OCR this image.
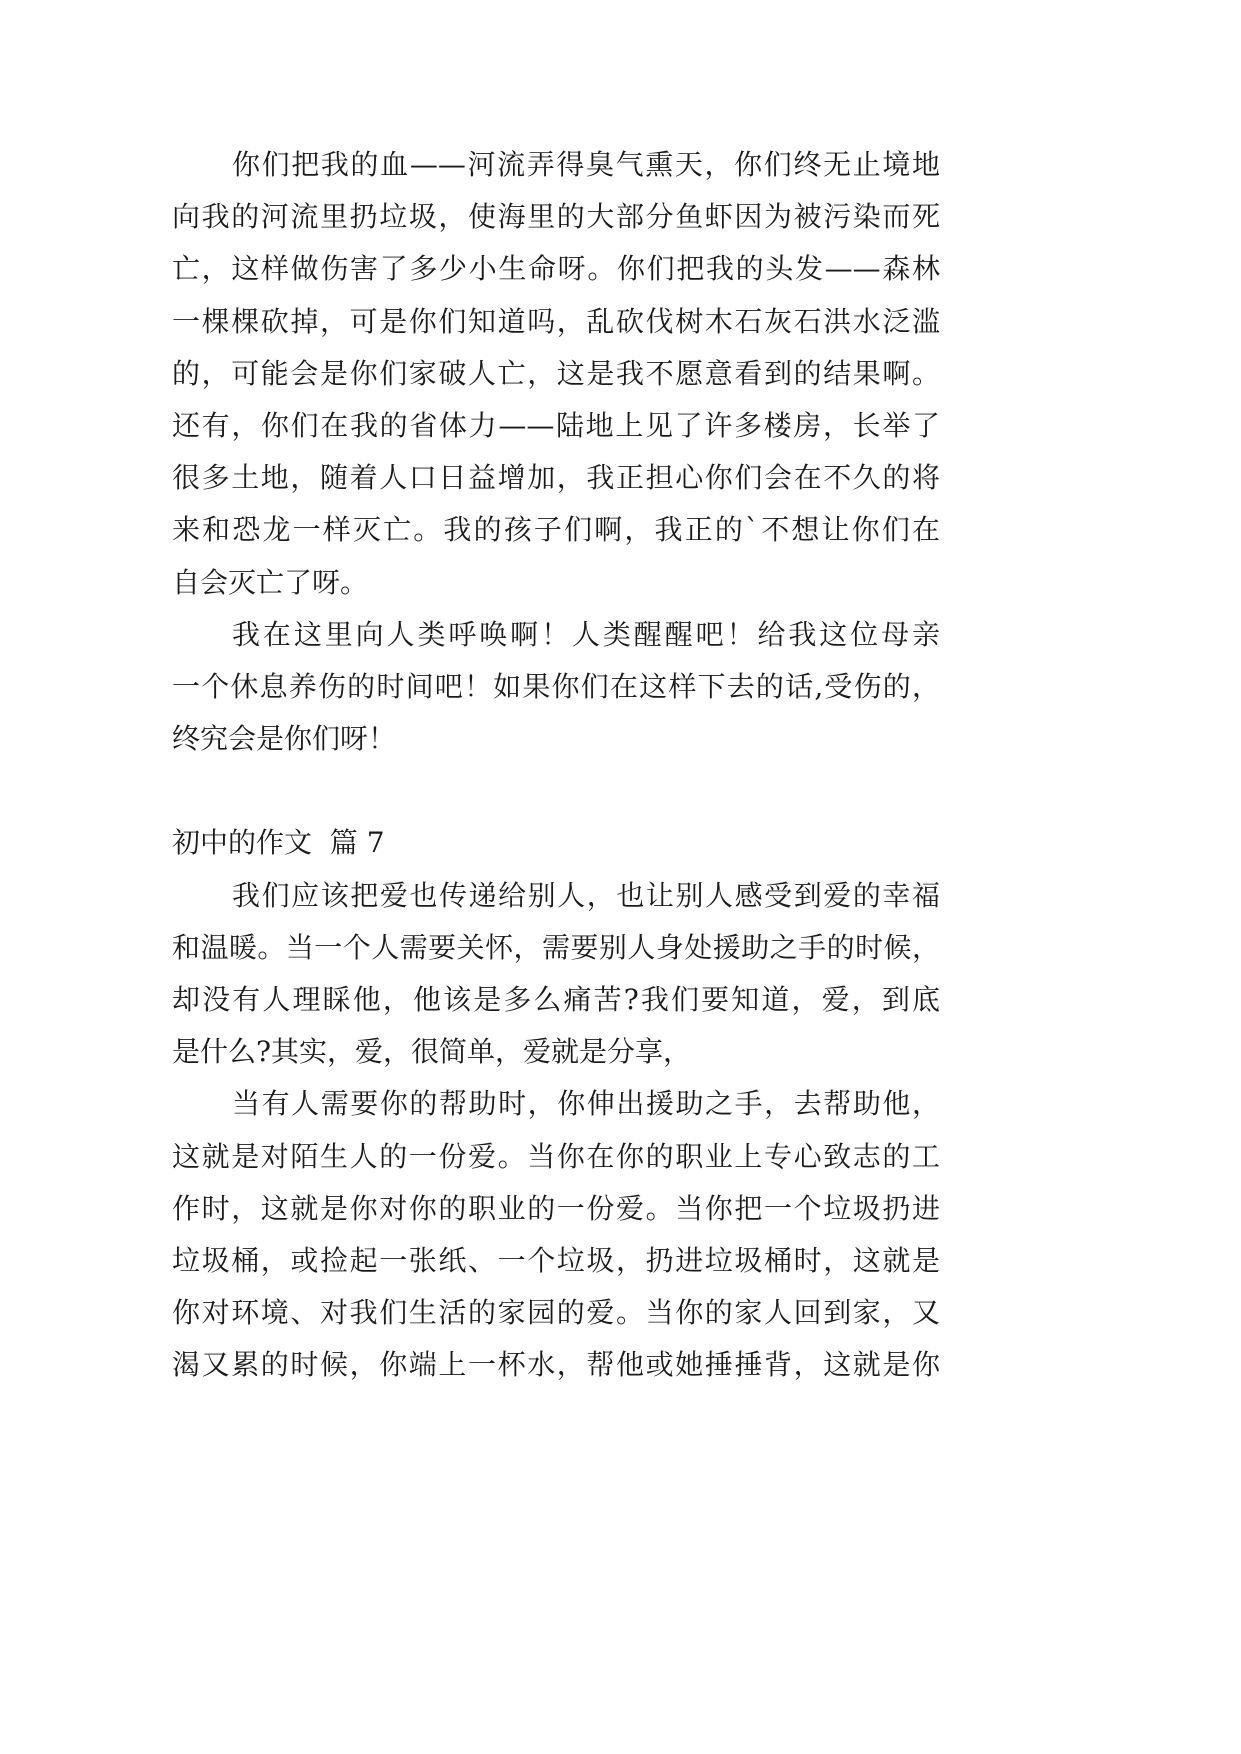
你们把我的血——河流弄得臭气熏天，你们终无止境地
向我的河流里扔垃圾，使海里的大部分鱼虾因为被污染而死
亡，这样做伤害了多少小生命呀。你们把我的头发——森林
一棵棵砍掉，可是你们知道吗，乱砍伐树木石灰石洪水泛滥
的，可能会是你们家破人亡，这是我不愿意看到的结果啊。
还有，你们在我的省体力——陆地上见了许多楼房，长举了
很多土地，随着人口日益增加，我正担心你们会在不久的将
来和恐龙一样灭亡。我的孩子们啊，我正的`不想让你们在
自会灭亡了呀。
我在这里向人类呼唤啊！人类醒醒吧！给我这位母亲
一个休息养伤的时间吧！如果你们在这样下去的话,受伤的，
终究会是你们呀！
初中的作文  篇 7
我们应该把爱也传递给别人，也让别人感受到爱的幸福
和温暖。当一个人需要关怀，需要别人身处援助之手的时候，
却没有人理睬他，他该是多么痛苦?我们要知道，爱，到底
是什么?其实，爱，很简单，爱就是分享，
当有人需要你的帮助时，你伸出援助之手，去帮助他，
这就是对陌生人的一份爱。当你在你的职业上专心致志的工
作时，这就是你对你的职业的一份爱。当你把一个垃圾扔进
垃圾桶，或捡起一张纸、一个垃圾，扔进垃圾桶时，这就是
你对环境、对我们生活的家园的爱。当你的家人回到家，又
渴又累的时候，你端上一杯水，帮他或她捶捶背，这就是你
